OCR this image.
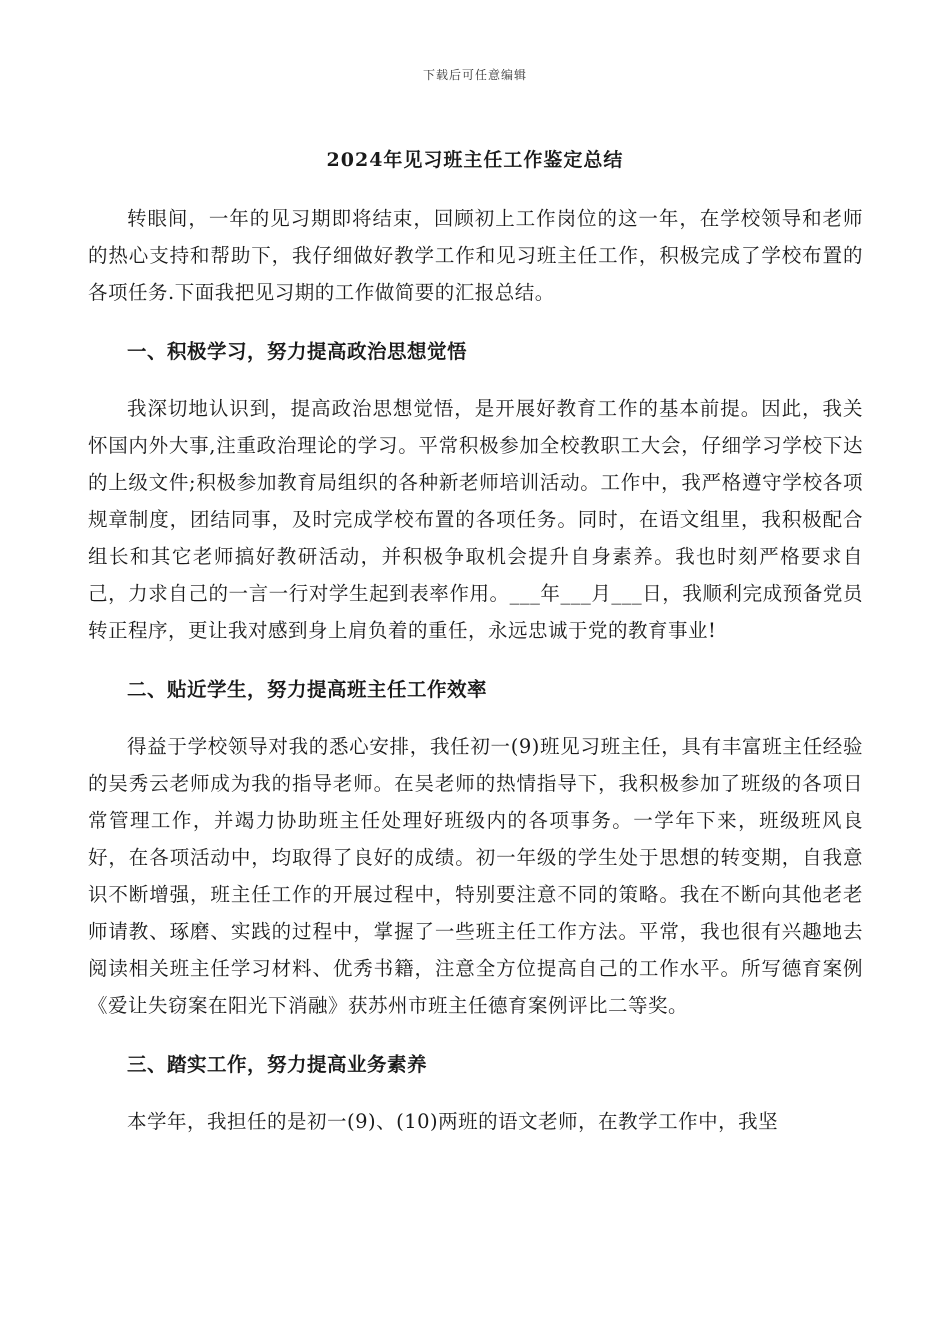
下载后可任意编辑
2024年见习班主任工作鉴定总结

转眼间，一年的见习期即将结束，回顾初上工作岗位的这一年，在学校领导和老师的热心支持和帮助下，我仔细做好教学工作和见习班主任工作，积极完成了学校布置的各项任务.下面我把见习期的工作做简要的汇报总结。

一、积极学习，努力提高政治思想觉悟

我深切地认识到，提高政治思想觉悟，是开展好教育工作的基本前提。因此，我关怀国内外大事,注重政治理论的学习。平常积极参加全校教职工大会，仔细学习学校下达的上级文件;积极参加教育局组织的各种新老师培训活动。工作中，我严格遵守学校各项规章制度，团结同事，及时完成学校布置的各项任务。同时，在语文组里，我积极配合组长和其它老师搞好教研活动，并积极争取机会提升自身素养。我也时刻严格要求自己，力求自己的一言一行对学生起到表率作用。___年___月___日，我顺利完成预备党员转正程序，更让我对感到身上肩负着的重任，永远忠诚于党的教育事业!

二、贴近学生，努力提高班主任工作效率

得益于学校领导对我的悉心安排，我任初一(9)班见习班主任，具有丰富班主任经验的吴秀云老师成为我的指导老师。在吴老师的热情指导下，我积极参加了班级的各项日常管理工作，并竭力协助班主任处理好班级内的各项事务。一学年下来，班级班风良好，在各项活动中，均取得了良好的成绩。初一年级的学生处于思想的转变期，自我意识不断增强，班主任工作的开展过程中，特别要注意不同的策略。我在不断向其他老老师请教、琢磨、实践的过程中，掌握了一些班主任工作方法。平常，我也很有兴趣地去阅读相关班主任学习材料、优秀书籍，注意全方位提高自己的工作水平。所写德育案例《爱让失窃案在阳光下消融》获苏州市班主任德育案例评比二等奖。

三、踏实工作，努力提高业务素养

本学年，我担任的是初一(9)、(10)两班的语文老师，在教学工作中，我坚
